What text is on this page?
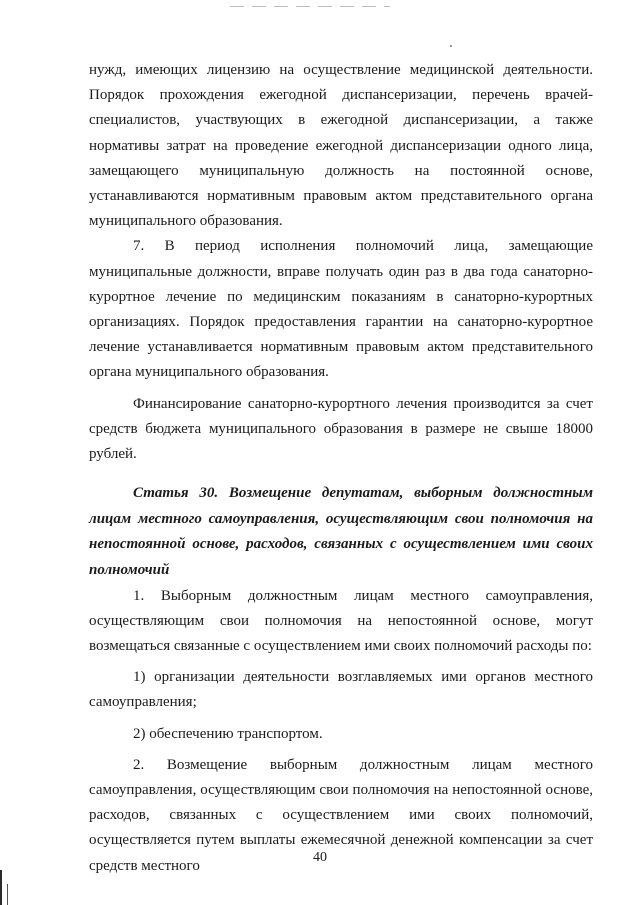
нужд, имеющих лицензию на осуществление медицинской деятельности. Порядок прохождения ежегодной диспансеризации, перечень врачей-специалистов, участвующих в ежегодной диспансеризации, а также нормативы затрат на проведение ежегодной диспансеризации одного лица, замещающего муниципальную должность на постоянной основе, устанавливаются нормативным правовым актом представительного органа муниципального образования.

7. В период исполнения полномочий лица, замещающие муниципальные должности, вправе получать один раз в два года санаторно-курортное лечение по медицинским показаниям в санаторно-курортных организациях. Порядок предоставления гарантии на санаторно-курортное лечение устанавливается нормативным правовым актом представительного органа муниципального образования.

Финансирование санаторно-курортного лечения производится за счет средств бюджета муниципального образования в размере не свыше 18000 рублей.

Статья 30. Возмещение депутатам, выборным должностным лицам местного самоуправления, осуществляющим свои полномочия на непостоянной основе, расходов, связанных с осуществлением ими своих полномочий

1. Выборным должностным лицам местного самоуправления, осуществляющим свои полномочия на непостоянной основе, могут возмещаться связанные с осуществлением ими своих полномочий расходы по:

1) организации деятельности возглавляемых ими органов местного самоуправления;

2) обеспечению транспортом.

2. Возмещение выборным должностным лицам местного самоуправления, осуществляющим свои полномочия на непостоянной основе, расходов, связанных с осуществлением ими своих полномочий, осуществляется путем выплаты ежемесячной денежной компенсации за счет средств местного

40
